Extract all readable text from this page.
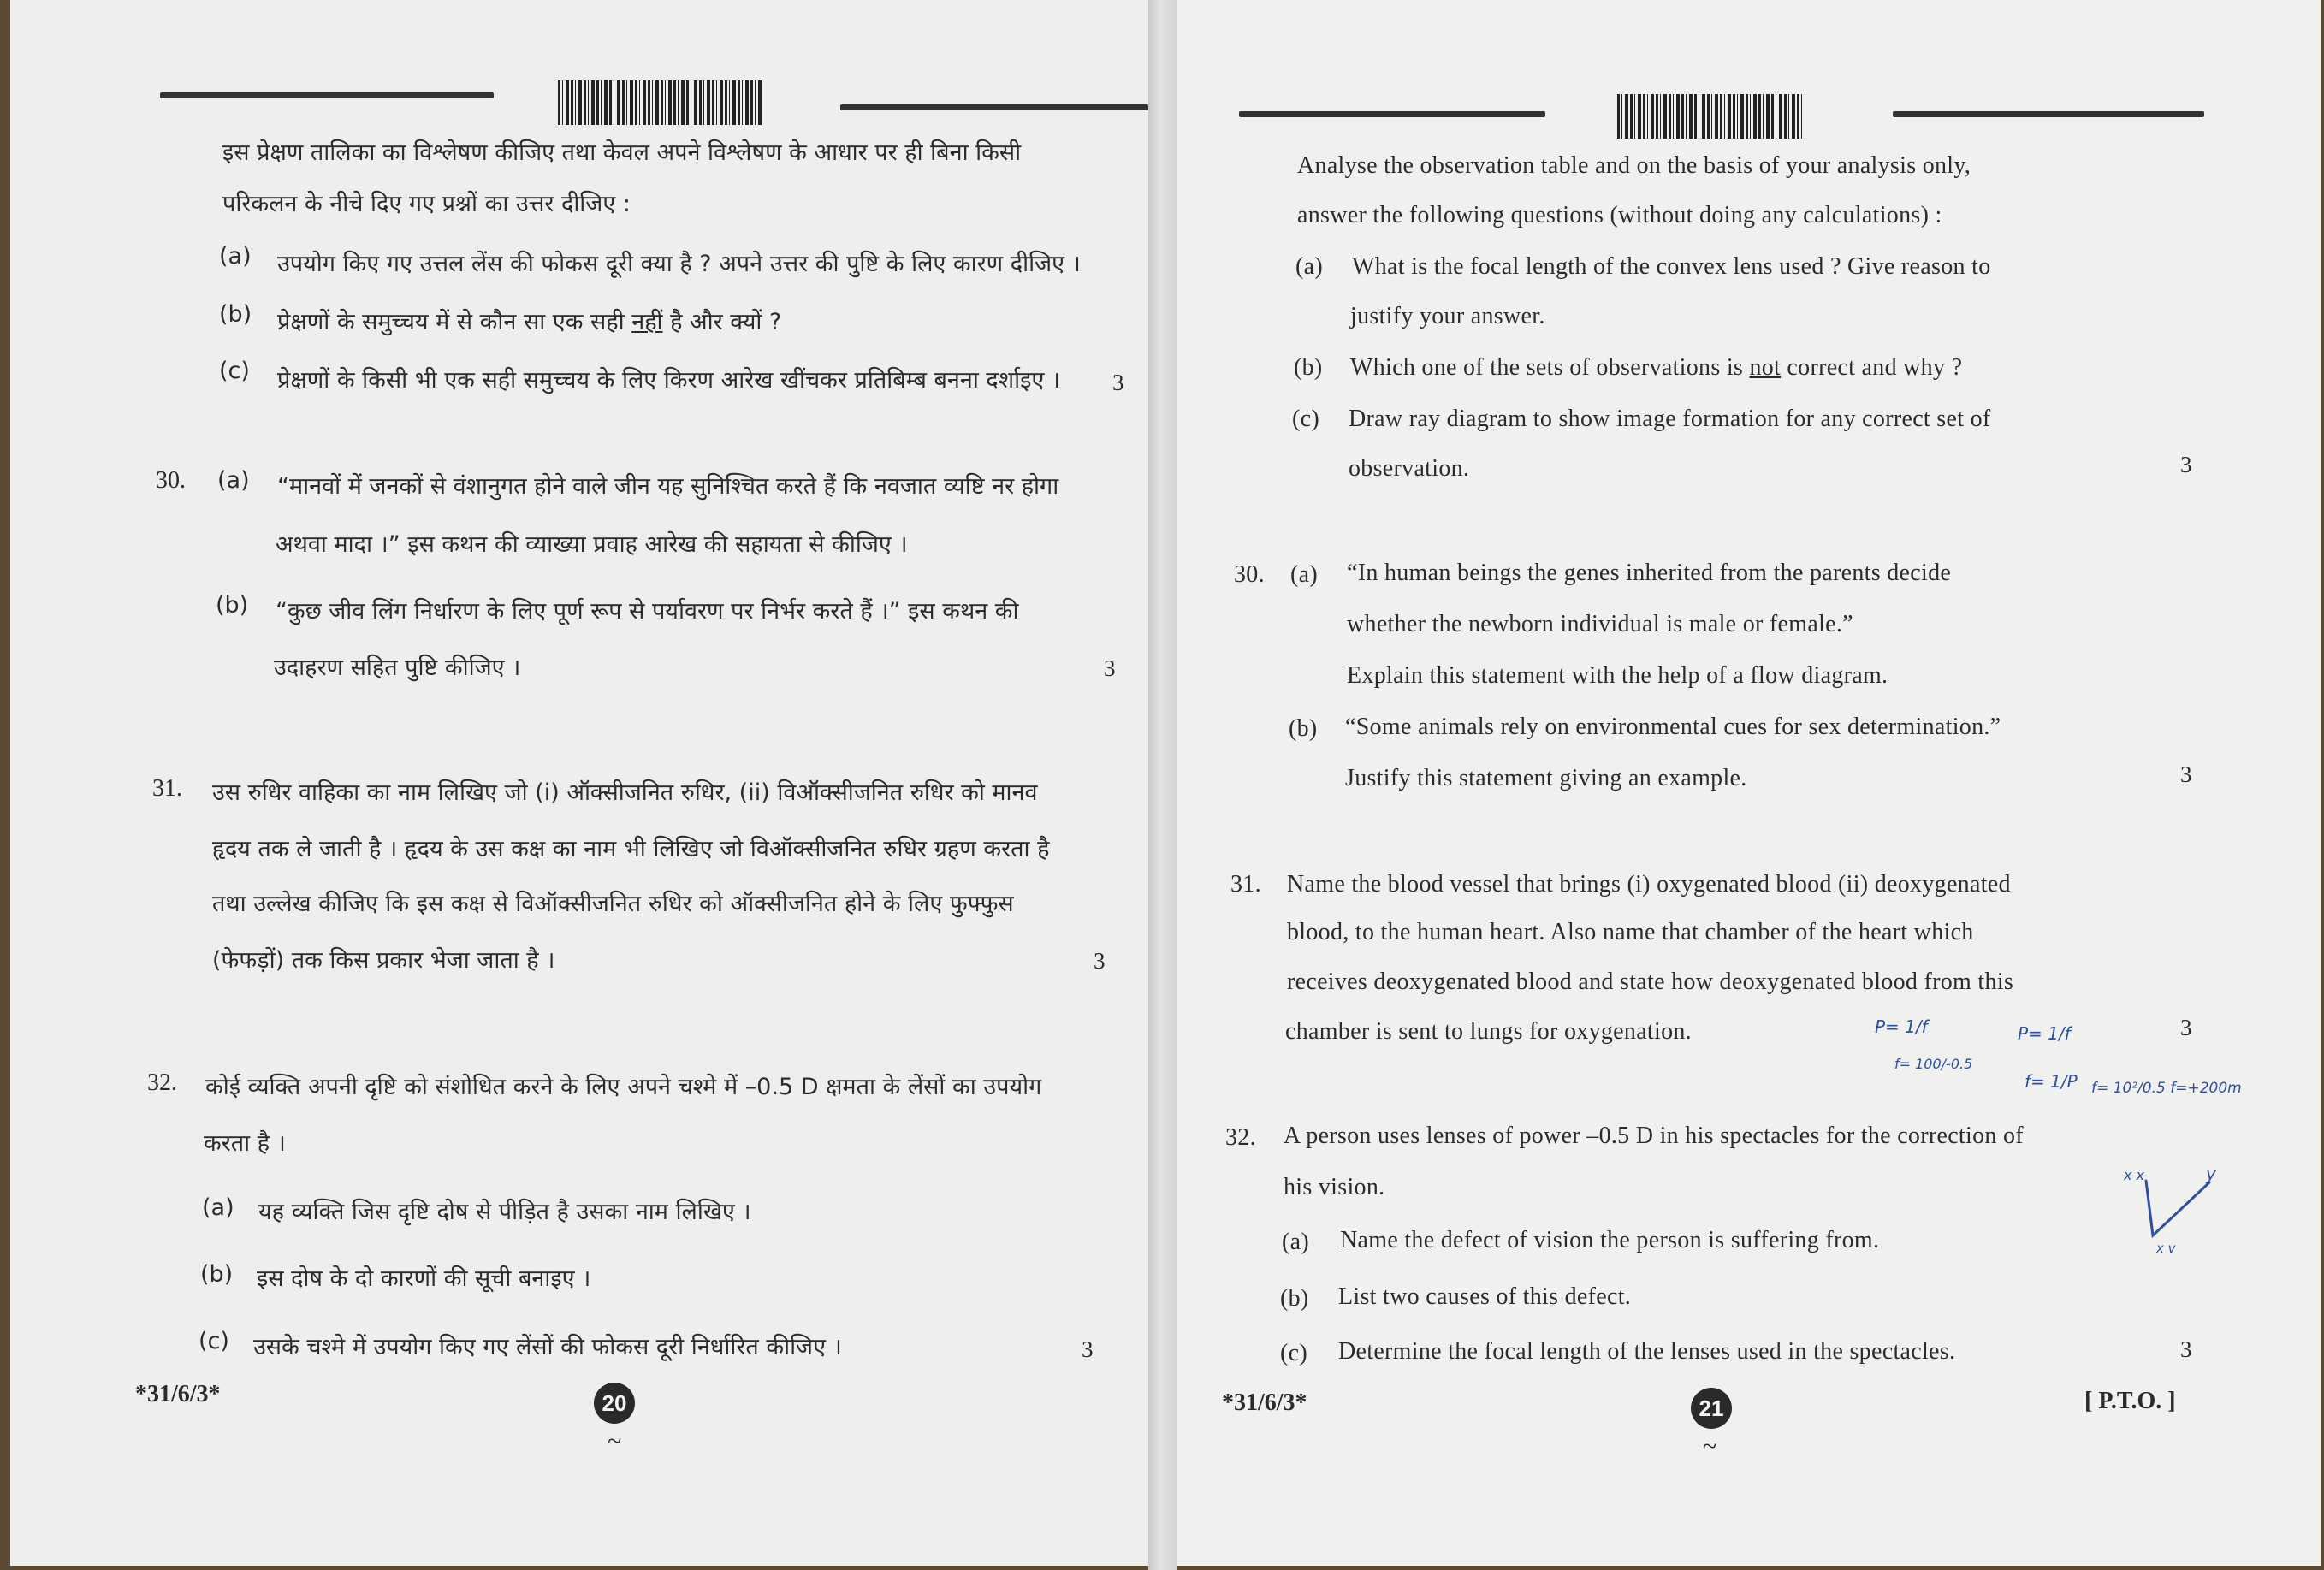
इस प्रेक्षण तालिका का विश्लेषण कीजिए तथा केवल अपने विश्लेषण के आधार पर ही बिना किसी
परिकलन के नीचे दिए गए प्रश्नों का उत्तर दीजिए :
(a) उपयोग किए गए उत्तल लेंस की फोकस दूरी क्या है ? अपने उत्तर की पुष्टि के लिए कारण दीजिए ।
(b) प्रेक्षणों के समुच्चय में से कौन सा एक सही नहीं है और क्यों ?
(c) प्रेक्षणों के किसी भी एक सही समुच्चय के लिए किरण आरेख खींचकर प्रतिबिम्ब बनना दर्शाइए । 3
30. (a) “मानवों में जनकों से वंशानुगत होने वाले जीन यह सुनिश्चित करते हैं कि नवजात व्यष्टि नर होगा
अथवा मादा ।” इस कथन की व्याख्या प्रवाह आरेख की सहायता से कीजिए ।
(b) “कुछ जीव लिंग निर्धारण के लिए पूर्ण रूप से पर्यावरण पर निर्भर करते हैं ।” इस कथन की
उदाहरण सहित पुष्टि कीजिए ।	3
31. उस रुधिर वाहिका का नाम लिखिए जो (i) ऑक्सीजनित रुधिर, (ii) विऑक्सीजनित रुधिर को मानव
हृदय तक ले जाती है । हृदय के उस कक्ष का नाम भी लिखिए जो विऑक्सीजनित रुधिर ग्रहण करता है
तथा उल्लेख कीजिए कि इस कक्ष से विऑक्सीजनित रुधिर को ऑक्सीजनित होने के लिए फुफ्फुस
(फेफड़ों) तक किस प्रकार भेजा जाता है ।	3
32. कोई व्यक्ति अपनी दृष्टि को संशोधित करने के लिए अपने चश्मे में –0.5 D क्षमता के लेंसों का उपयोग
करता है ।
(a) यह व्यक्ति जिस दृष्टि दोष से पीड़ित है उसका नाम लिखिए ।
(b) इस दोष के दो कारणों की सूची बनाइए ।
(c) उसके चश्मे में उपयोग किए गए लेंसों की फोकस दूरी निर्धारित कीजिए ।	3
*31/6/3*	20
~
Analyse the observation table and on the basis of your analysis only,
answer the following questions (without doing any calculations) :
(a) What is the focal length of the convex lens used ? Give reason to
justify your answer.
(b) Which one of the sets of observations is not correct and why ?
(c) Draw ray diagram to show image formation for any correct set of
observation.	3
30. (a) “In human beings the genes inherited from the parents decide
whether the newborn individual is male or female.”
Explain this statement with the help of a flow diagram.
(b) “Some animals rely on environmental cues for sex determination.”
Justify this statement giving an example.	3
31. Name the blood vessel that brings (i) oxygenated blood (ii) deoxygenated
blood, to the human heart. Also name that chamber of the heart which
receives deoxygenated blood and state how deoxygenated blood from this
chamber is sent to lungs for oxygenation.	3
P= 1/f
f= 100/-0.5
P= 1/f
f= 1/P f= 10²/0.5 f=+200m
32. A person uses lenses of power –0.5 D in his spectacles for the correction of
his vision.
(a) Name the defect of vision the person is suffering from.
(b) List two causes of this defect.
(c) Determine the focal length of the lenses used in the spectacles.	3
x x	y
x v
*31/6/3*	21
~
[ P.T.O. ]
